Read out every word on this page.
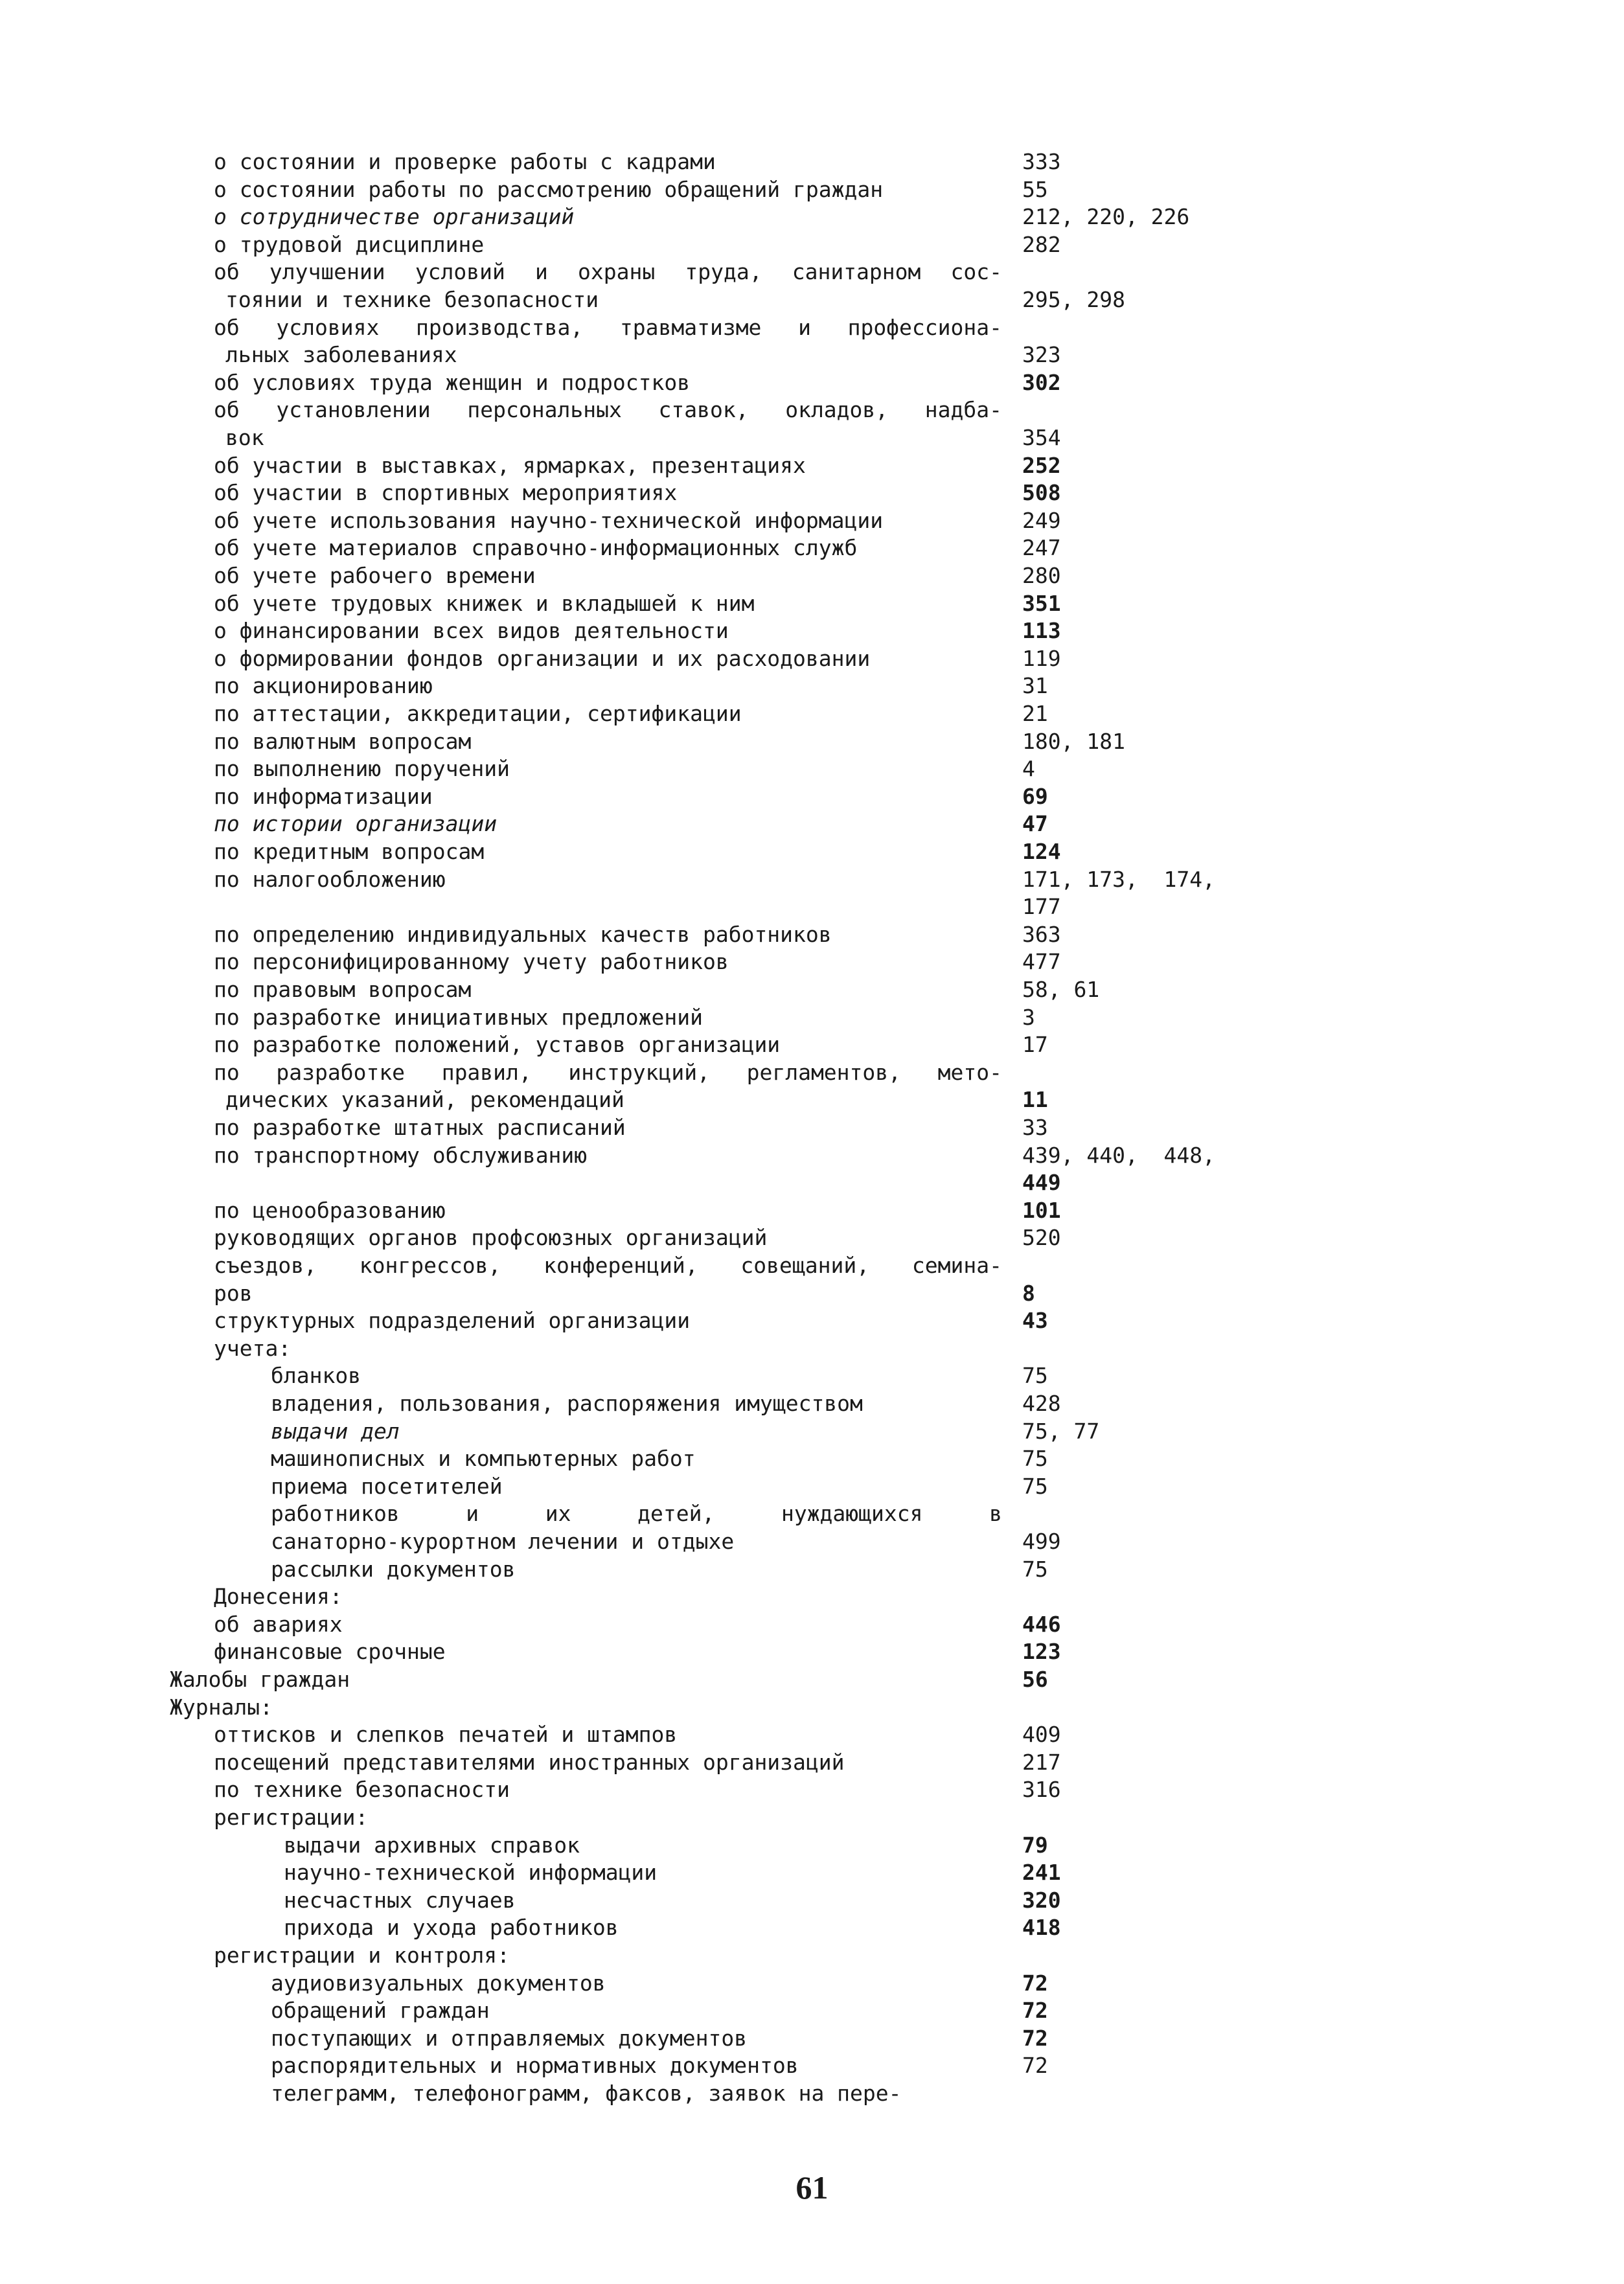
о состоянии и проверке работы с кадрами	333
о состоянии работы по рассмотрению обращений граждан	55
о сотрудничестве организаций	212, 220, 226
о трудовой дисциплине	282
об улучшении условий и охраны труда, санитарном сос-
тоянии и технике безопасности	295, 298
об условиях производства, травматизме и профессиона-
льных заболеваниях	323
об условиях труда женщин и подростков	302
об установлении персональных ставок, окладов, надба-
вок	354
об участии в выставках, ярмарках, презентациях	252
об участии в спортивных мероприятиях	508
об учете использования научно-технической информации	249
об учете материалов справочно-информационных служб	247
об учете рабочего времени	280
об учете трудовых книжек и вкладышей к ним	351
о финансировании всех видов деятельности	113
о формировании фондов организации и их расходовании	119
по акционированию	31
по аттестации, аккредитации, сертификации	21
по валютным вопросам	180, 181
по выполнению поручений	4
по информатизации	69
по истории организации	47
по кредитным вопросам	124
по налогообложению	171, 173,  174,
177
по определению индивидуальных качеств работников	363
по персонифицированному учету работников	477
по правовым вопросам	58, 61
по разработке инициативных предложений	3
по разработке положений, уставов организации	17
по разработке правил, инструкций, регламентов, мето-
дических указаний, рекомендаций	11
по разработке штатных расписаний	33
по транспортному обслуживанию	439, 440,  448,
449
по ценообразованию	101
руководящих органов профсоюзных организаций	520
съездов, конгрессов, конференций, совещаний, семина-
ров	8
структурных подразделений организации	43
учета:
бланков	75
владения, пользования, распоряжения имуществом	428
выдачи дел	75, 77
машинописных и компьютерных работ	75
приема посетителей	75
работников и их детей, нуждающихся в
санаторно-курортном лечении и отдыхе	499
рассылки документов	75
Донесения:
об авариях	446
финансовые срочные	123
Жалобы граждан	56
Журналы:
оттисков и слепков печатей и штампов	409
посещений представителями иностранных организаций	217
по технике безопасности	316
регистрации:
выдачи архивных справок	79
научно-технической информации	241
несчастных случаев	320
прихода и ухода работников	418
регистрации и контроля:
аудиовизуальных документов	72
обращений граждан	72
поступающих и отправляемых документов	72
распорядительных и нормативных документов	72
телеграмм, телефонограмм, факсов, заявок на пере-
61
